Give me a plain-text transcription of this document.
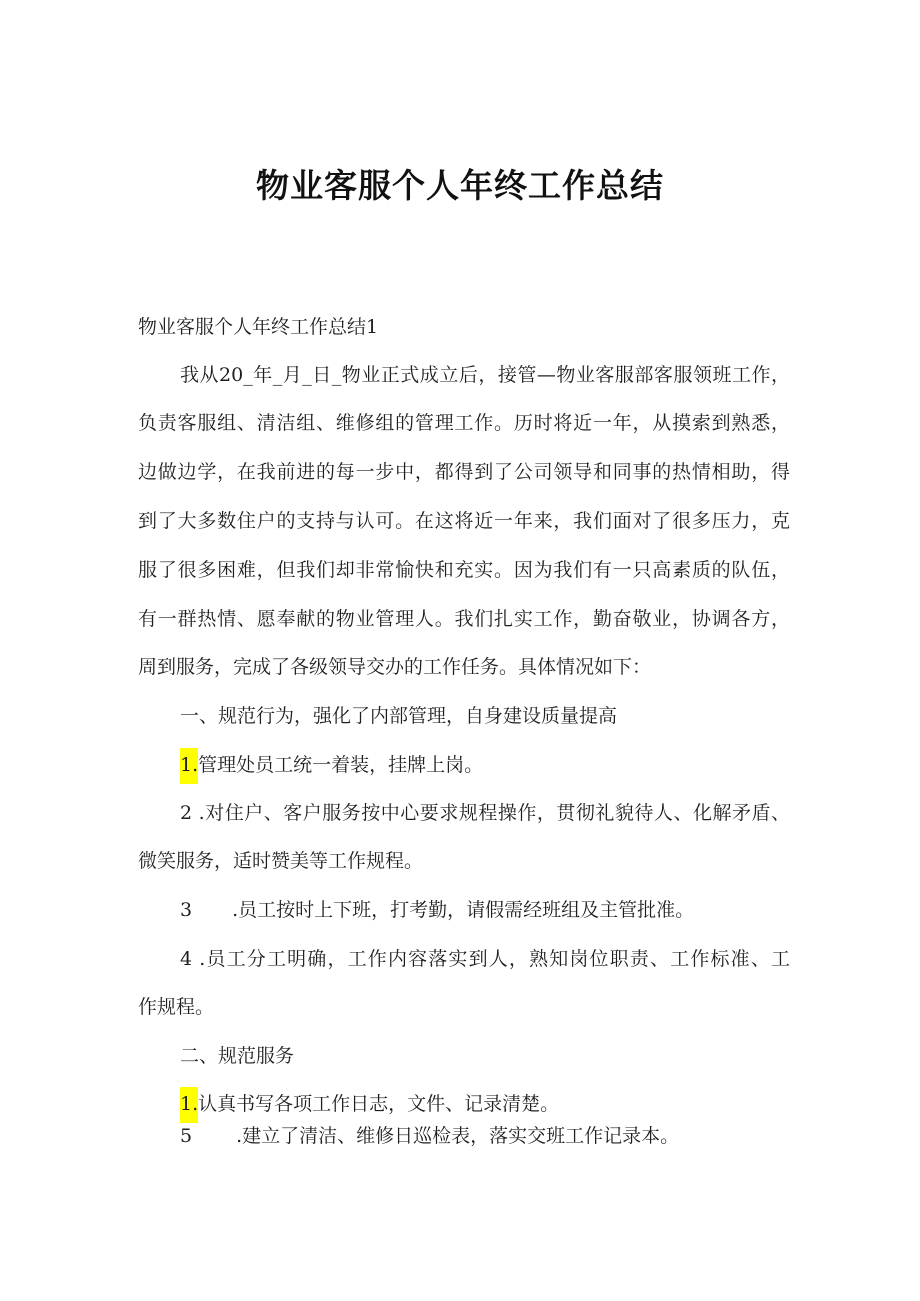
物业客服个人年终工作总结
物业客服个人年终工作总结1
我从20_年_月_日_物业正式成立后，接管—物业客服部客服领班工作，
负责客服组、清洁组、维修组的管理工作。历时将近一年，从摸索到熟悉，
边做边学，在我前进的每一步中，都得到了公司领导和同事的热情相助，得
到了大多数住户的支持与认可。在这将近一年来，我们面对了很多压力，克
服了很多困难，但我们却非常愉快和充实。因为我们有一只高素质的队伍，
有一群热情、愿奉献的物业管理人。我们扎实工作，勤奋敬业，协调各方，
周到服务，完成了各级领导交办的工作任务。具体情况如下：
一、规范行为，强化了内部管理，自身建设质量提高
1.管理处员工统一着装，挂牌上岗。
2 .对住户、客户服务按中心要求规程操作，贯彻礼貌待人、化解矛盾、
微笑服务，适时赞美等工作规程。
3 .员工按时上下班，打考勤，请假需经班组及主管批准。
4 .员工分工明确，工作内容落实到人，熟知岗位职责、工作标准、工
作规程。
二、规范服务
1.认真书写各项工作日志，文件、记录清楚。
5 .建立了清洁、维修日巡检表，落实交班工作记录本。
